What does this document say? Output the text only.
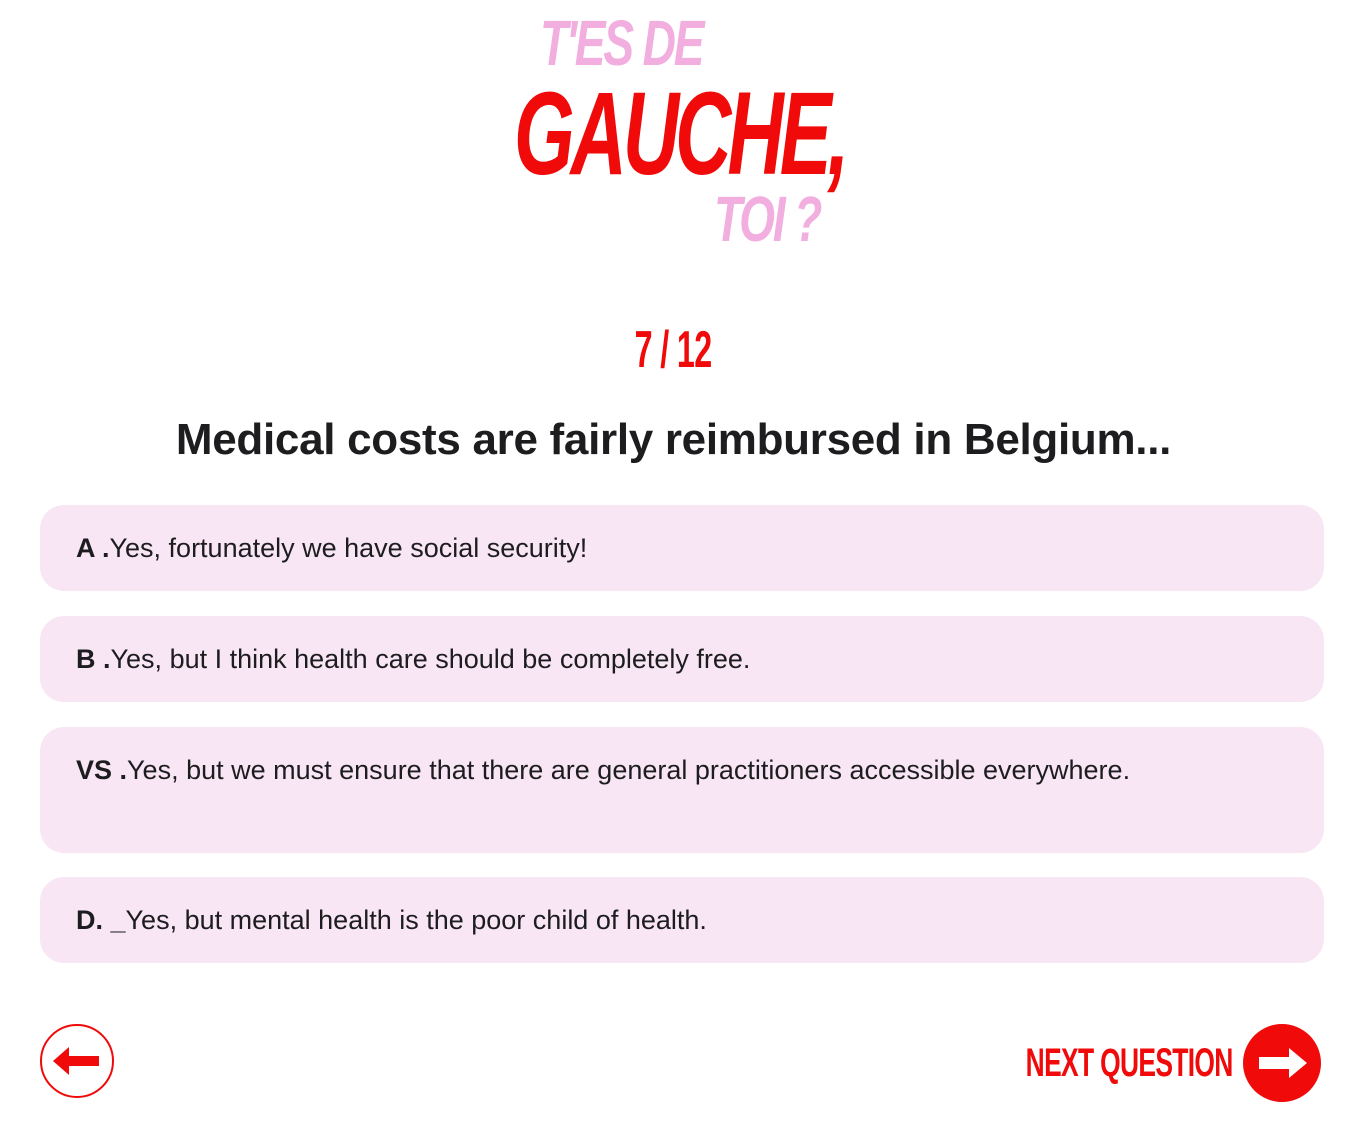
T'ES DE
GAUCHE,
TOI ?
7 / 12
Medical costs are fairly reimbursed in Belgium...
A . Yes, fortunately we have social security!
B . Yes, but I think health care should be completely free.
VS .Yes, but we must ensure that there are general practitioners accessible everywhere.
D. _ Yes, but mental health is the poor child of health.
NEXT QUESTION
